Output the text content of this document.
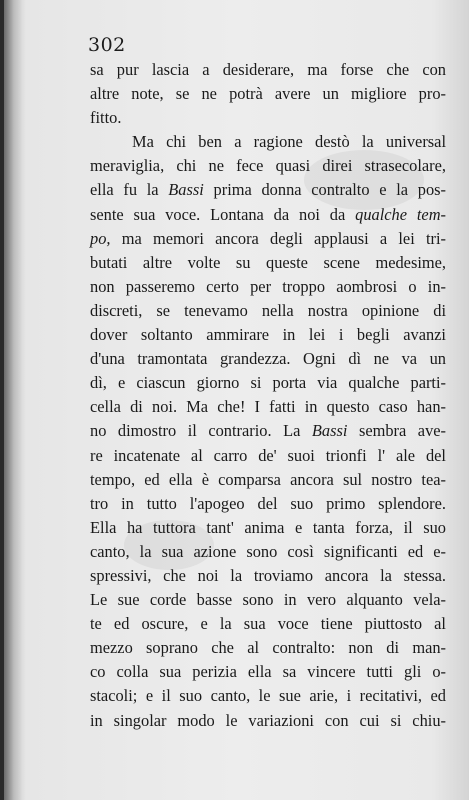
302
sa pur lascia a desiderare, ma forse che con
altre note, se ne potrà avere un migliore pro-
fitto.
Ma chi ben a ragione destò la universal
meraviglia, chi ne fece quasi direi strasecolare,
ella fu la Bassi prima donna contralto e la pos-
sente sua voce. Lontana da noi da qualche tem-
po, ma memori ancora degli applausi a lei tri-
butati altre volte su queste scene medesime,
non passeremo certo per troppo aombrosi o in-
discreti, se tenevamo nella nostra opinione di
dover soltanto ammirare in lei i begli avanzi
d'una tramontata grandezza. Ogni dì ne va un
dì, e ciascun giorno si porta via qualche parti-
cella di noi. Ma che! I fatti in questo caso han-
no dimostro il contrario. La Bassi sembra ave-
re incatenate al carro de' suoi trionfi l' ale del
tempo, ed ella è comparsa ancora sul nostro tea-
tro in tutto l'apogeo del suo primo splendore.
Ella ha tuttora tant' anima e tanta forza, il suo
canto, la sua azione sono così significanti ed e-
spressivi, che noi la troviamo ancora la stessa.
Le sue corde basse sono in vero alquanto vela-
te ed oscure, e la sua voce tiene piuttosto al
mezzo soprano che al contralto: non di man-
co colla sua perizia ella sa vincere tutti gli o-
stacoli; e il suo canto, le sue arie, i recitativi, ed
in singolar modo le variazioni con cui si chiu-
